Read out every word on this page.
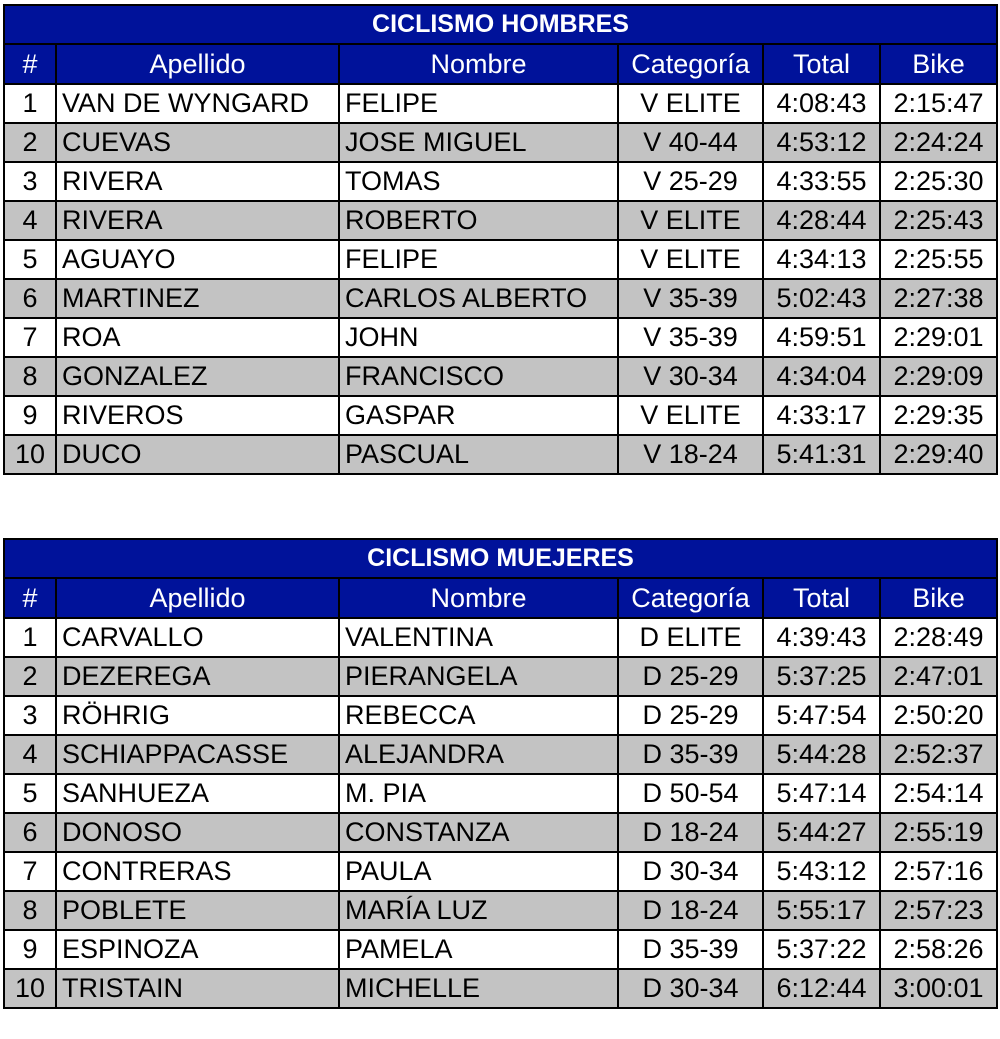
CICLISMO HOMBRES					
#	Apellido	Nombre	Categoría	Total	Bike
1	VAN DE WYNGARD	FELIPE	V ELITE	4:08:43	2:15:47
2	CUEVAS	JOSE MIGUEL	V 40-44	4:53:12	2:24:24
3	RIVERA	TOMAS	V 25-29	4:33:55	2:25:30
4	RIVERA	ROBERTO	V ELITE	4:28:44	2:25:43
5	AGUAYO	FELIPE	V ELITE	4:34:13	2:25:55
6	MARTINEZ	CARLOS ALBERTO	V 35-39	5:02:43	2:27:38
7	ROA	JOHN	V 35-39	4:59:51	2:29:01
8	GONZALEZ	FRANCISCO	V 30-34	4:34:04	2:29:09
9	RIVEROS	GASPAR	V ELITE	4:33:17	2:29:35
10	DUCO	PASCUAL	V 18-24	5:41:31	2:29:40
CICLISMO MUEJERES					
#	Apellido	Nombre	Categoría	Total	Bike
1	CARVALLO	VALENTINA	D ELITE	4:39:43	2:28:49
2	DEZEREGA	PIERANGELA	D 25-29	5:37:25	2:47:01
3	RÖHRIG	REBECCA	D 25-29	5:47:54	2:50:20
4	SCHIAPPACASSE	ALEJANDRA	D 35-39	5:44:28	2:52:37
5	SANHUEZA	M. PIA	D 50-54	5:47:14	2:54:14
6	DONOSO	CONSTANZA	D 18-24	5:44:27	2:55:19
7	CONTRERAS	PAULA	D 30-34	5:43:12	2:57:16
8	POBLETE	MARÍA LUZ	D 18-24	5:55:17	2:57:23
9	ESPINOZA	PAMELA	D 35-39	5:37:22	2:58:26
10	TRISTAIN	MICHELLE	D 30-34	6:12:44	3:00:01
